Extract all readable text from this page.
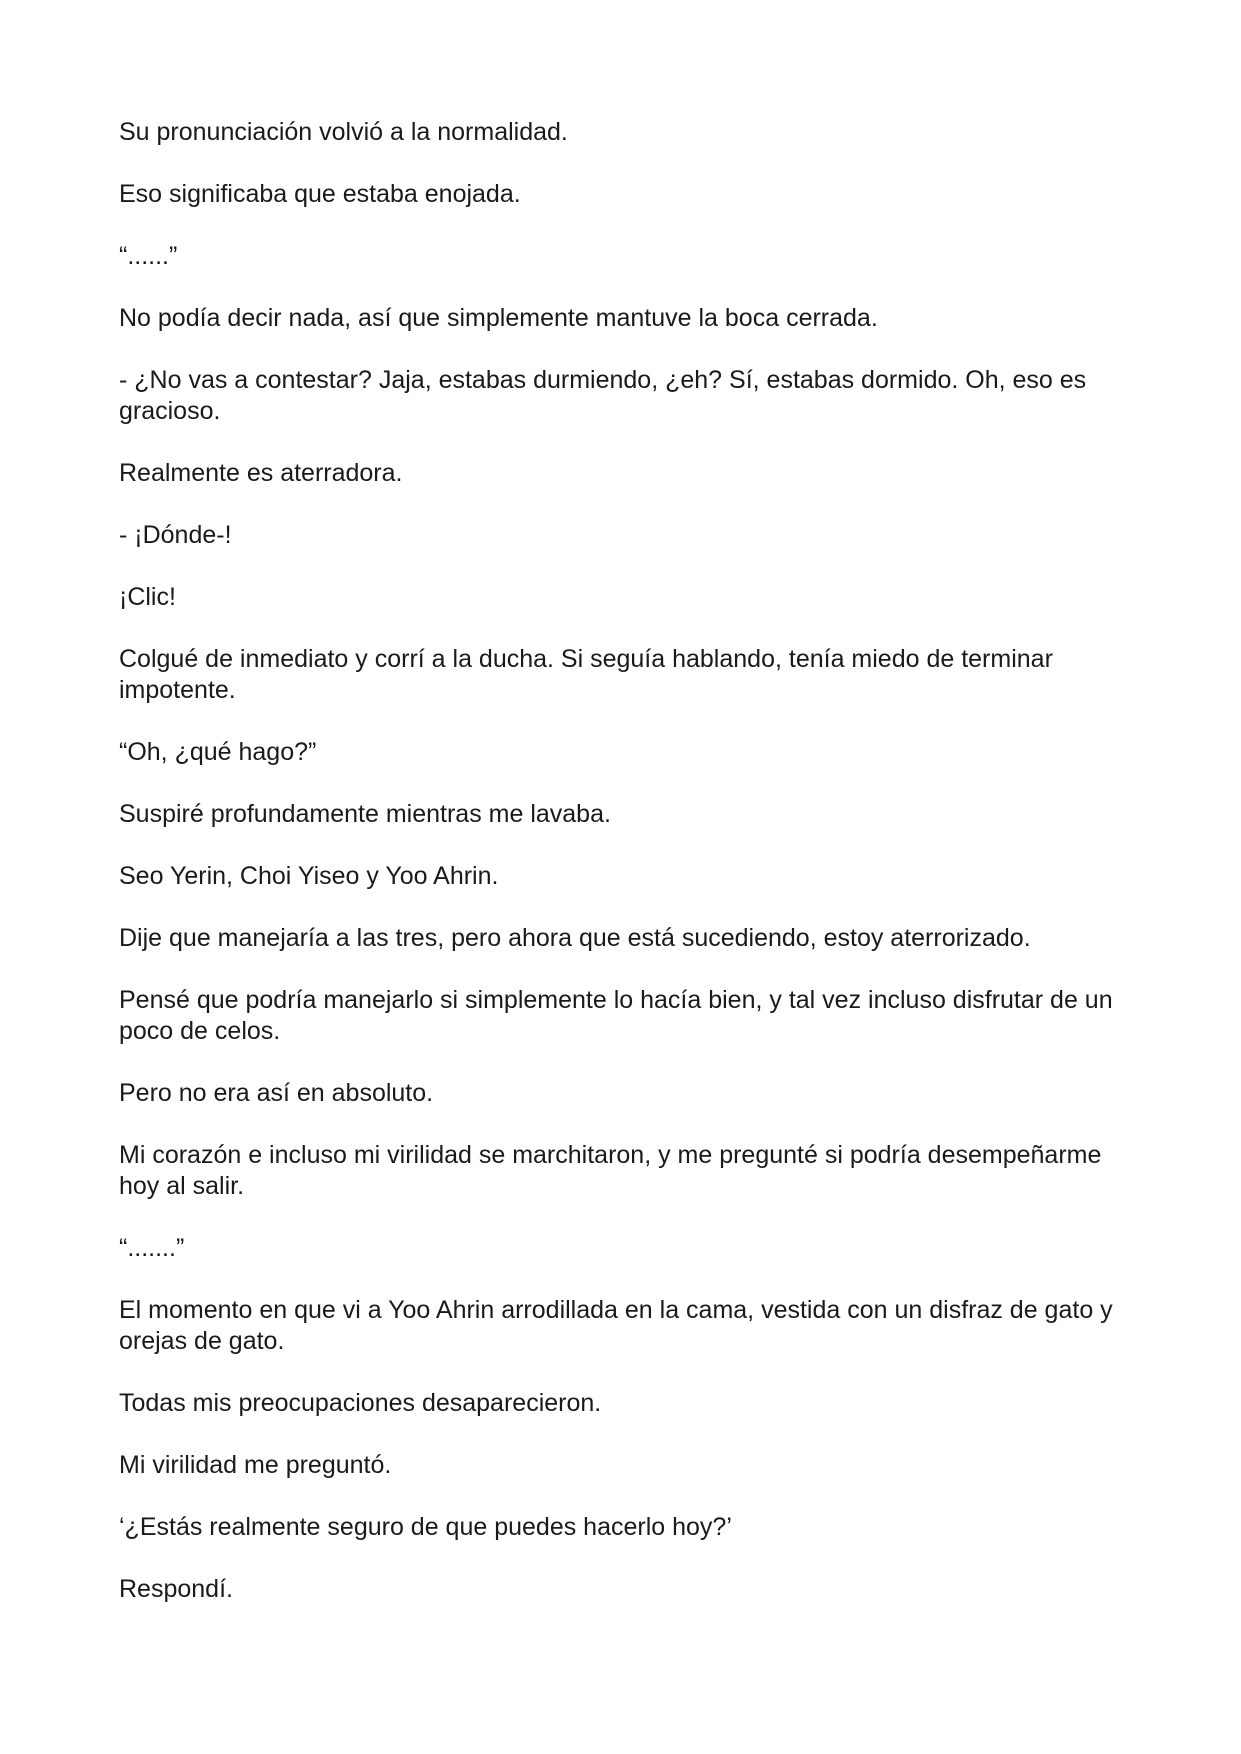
Su pronunciación volvió a la normalidad.

Eso significaba que estaba enojada.

“......”

No podía decir nada, así que simplemente mantuve la boca cerrada.

- ¿No vas a contestar? Jaja, estabas durmiendo, ¿eh? Sí, estabas dormido. Oh, eso es gracioso.

Realmente es aterradora.

- ¡Dónde-!

¡Clic!

Colgué de inmediato y corrí a la ducha. Si seguía hablando, tenía miedo de terminar impotente.

“Oh, ¿qué hago?”

Suspiré profundamente mientras me lavaba.

Seo Yerin, Choi Yiseo y Yoo Ahrin.

Dije que manejaría a las tres, pero ahora que está sucediendo, estoy aterrorizado.

Pensé que podría manejarlo si simplemente lo hacía bien, y tal vez incluso disfrutar de un poco de celos.

Pero no era así en absoluto.

Mi corazón e incluso mi virilidad se marchitaron, y me pregunté si podría desempeñarme hoy al salir.

“.......”

El momento en que vi a Yoo Ahrin arrodillada en la cama, vestida con un disfraz de gato y orejas de gato.

Todas mis preocupaciones desaparecieron.

Mi virilidad me preguntó.

‘¿Estás realmente seguro de que puedes hacerlo hoy?’

Respondí.
